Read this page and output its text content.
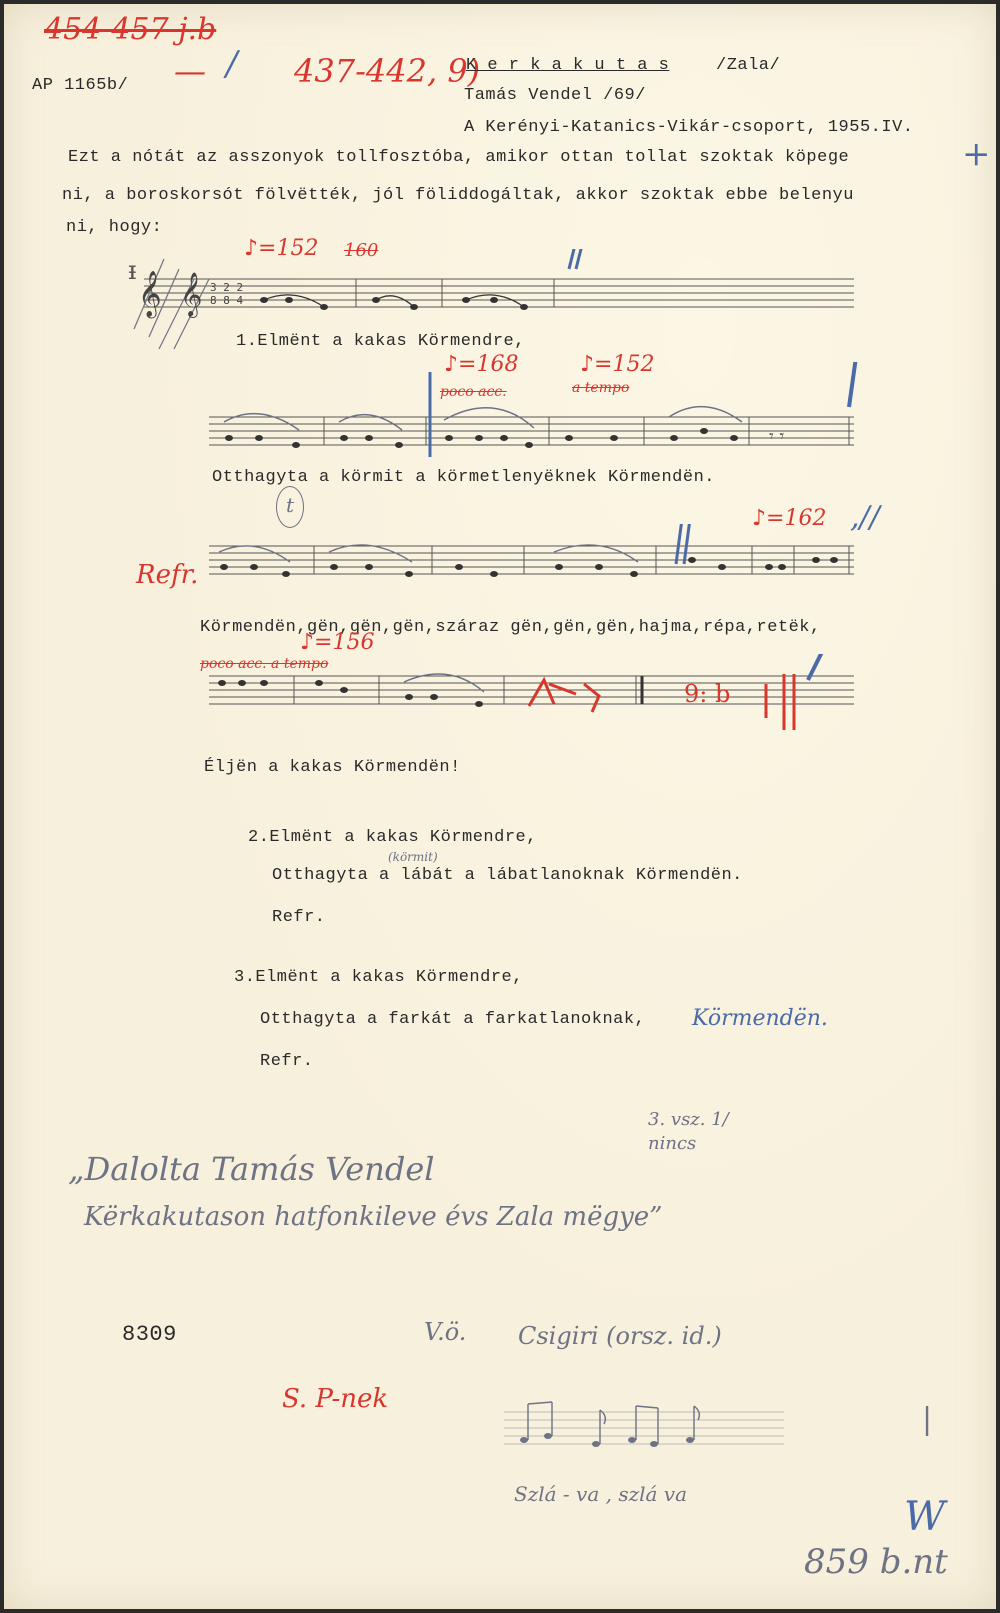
454-457 j.b
— /
AP 1165b/	437-442, 9)
K e r k a k u t a s	/Zala/
Tamás Vendel /69/
A Kerényi-Katanics-Vikár-csoport, 1955.IV.
Ezt a nótát az asszonyok tollfosztóba, amikor ottan tollat szoktak köpege
ni, a boroskorsót fölvëtték, jól föliddogáltak, akkor szoktak ebbe belenyu
ni, hogy:
+
♪=152 160
ᵻ 𝄞 𝄞 3 2 2
8 8 4
1.Elmënt a kakas Körmendre,
♪=168
poco acc.
♪=152
a tempo
𝄾 𝄾
Otthagyta a körmit a körmetlenyëknek Körmendën.
t
♪=162 ,//
Refr.
Körmendën,gën,gën,gën,száraz gën,gën,gën,hajma,répa,retëk,
♪=156
poco acc. a tempo
9: b
Éljën a kakas Körmendën!
2.Elmënt a kakas Körmendre,
(körmit)
Otthagyta a lábát a lábatlanoknak Körmendën.
Refr.
3.Elmënt a kakas Körmendre,
Otthagyta a farkát a farkatlanoknak, Körmendën.
Refr.
3. vsz. 1/ nincs
„Dalolta Tamás Vendel
Kërkakutason hatfonkileve évs Zala mëgye”
8309	V.ö. Csigiri (orsz. id.)
S. P-nek
Szlá - va , szlá va
859 b.nt
W
|
